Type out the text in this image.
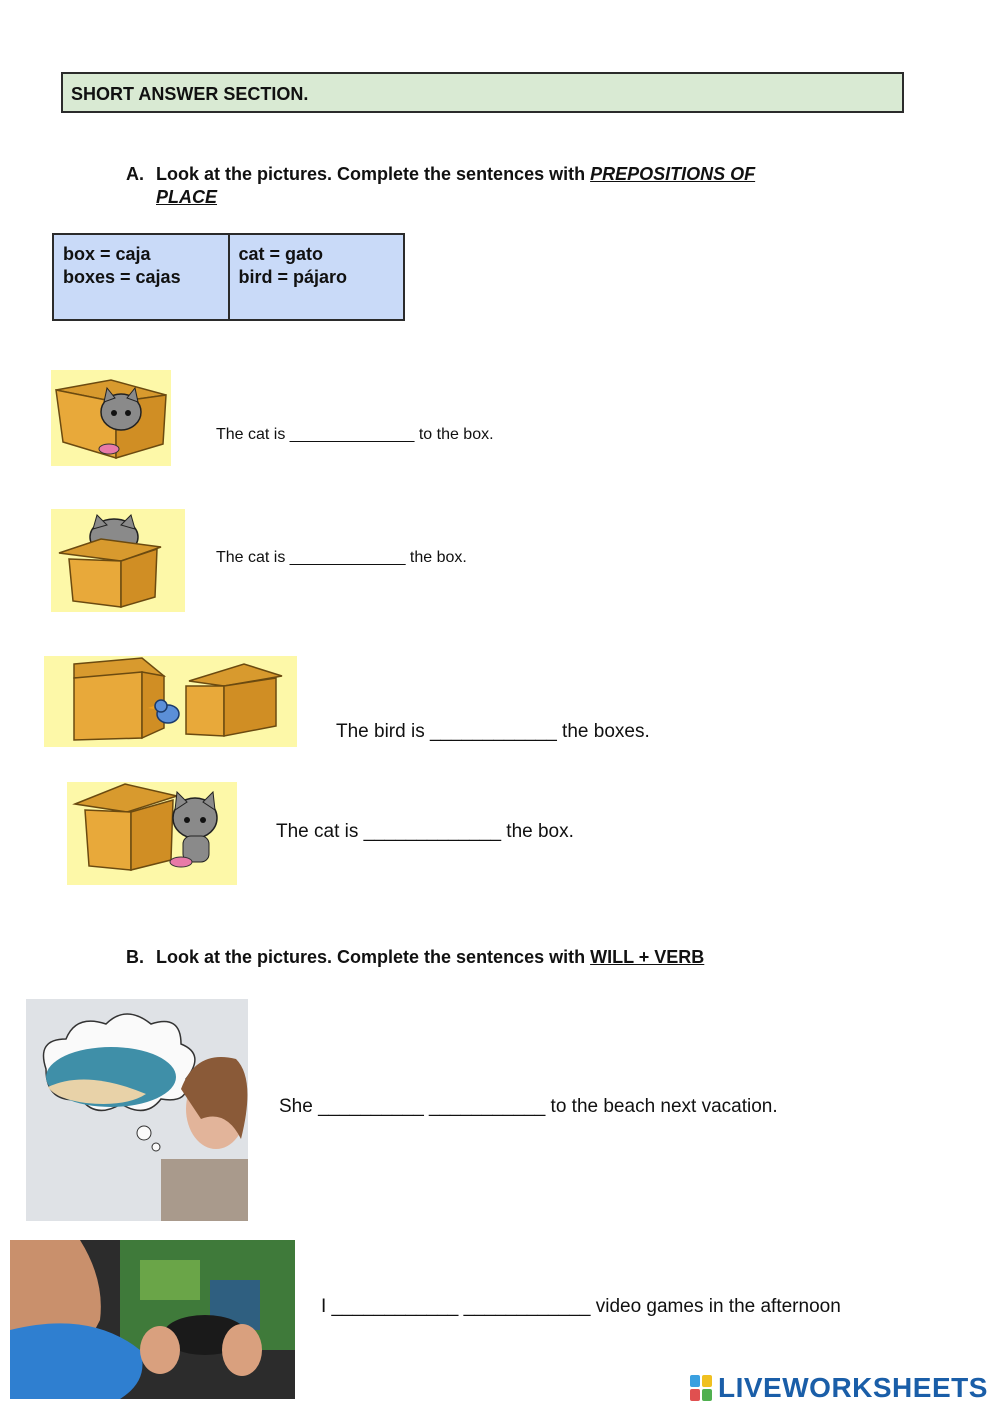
SHORT ANSWER SECTION.
A. Look at the pictures. Complete the sentences with PREPOSITIONS OF
PLACE
box = caja
boxes = cajas
cat = gato
bird = pájaro
The cat is ______________ to the box.
The cat is _____________ the box.
The bird is ____________ the boxes.
The cat is _____________ the box.
B. Look at the pictures. Complete the sentences with WILL + VERB
She __________ ___________ to the beach next vacation.
I ____________ ____________ video games in the afternoon
LIVEWORKSHEETS
